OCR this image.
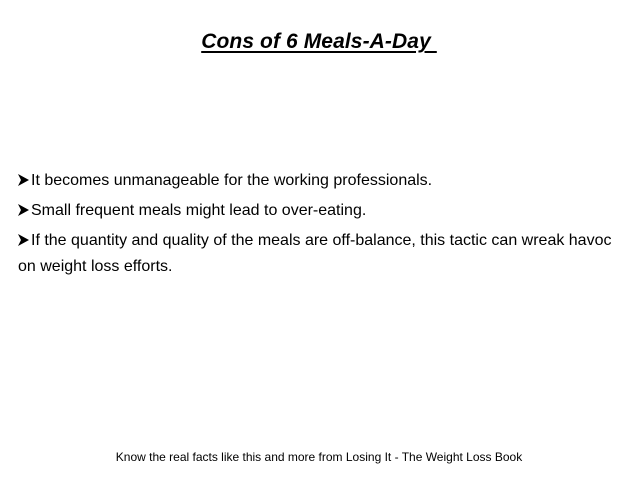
Cons of 6 Meals-A-Day
It becomes unmanageable for the working professionals.
Small frequent meals might lead to over-eating.
If the quantity and quality of the meals are off-balance, this tactic can wreak havoc on weight loss efforts.
Know the real facts like this and more from Losing It - The Weight Loss Book
